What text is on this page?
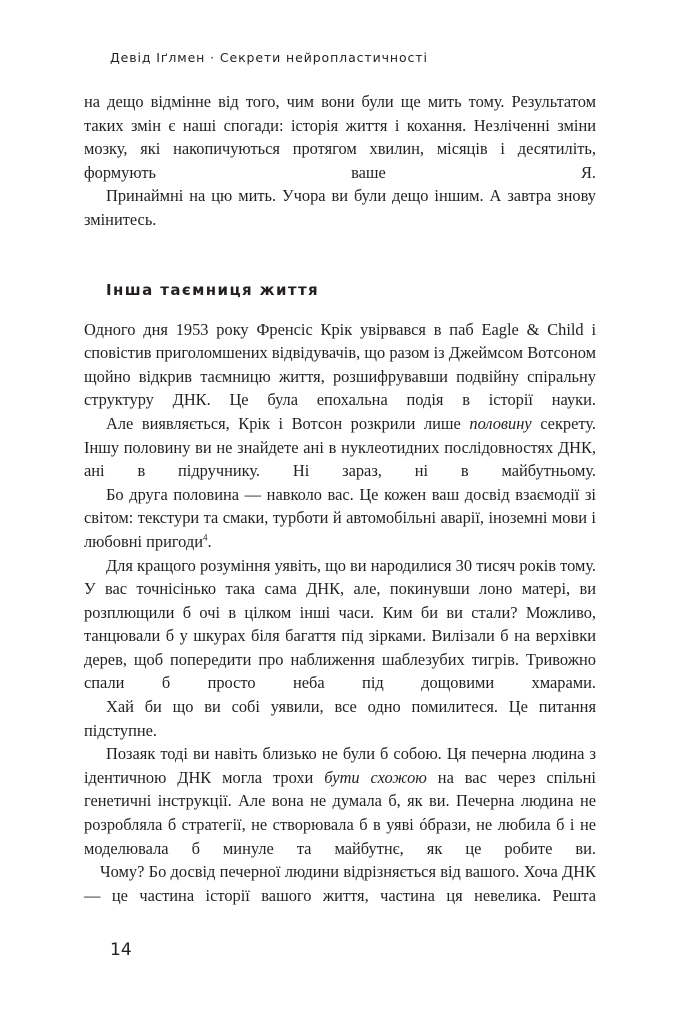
Девід Іґлмен · Секрети нейропластичності

на дещо відмінне від того, чим вони були ще мить тому. Результатом таких змін є наші спогади: історія життя і кохання. Незліченні зміни мозку, які накопичуються протягом хвилин, місяців і десятиліть, формують ваше Я.

Принаймні на цю мить. Учора ви були дещо іншим. А завтра знову змінитесь.

Інша таємниця життя

Одного дня 1953 року Френсіс Крік увірвався в паб Eagle & Child і сповістив приголомшених відвідувачів, що разом із Джеймсом Вотсоном щойно відкрив таємницю життя, розшифрувавши подвійну спіральну структуру ДНК. Це була епохальна подія в історії науки.

Але виявляється, Крік і Вотсон розкрили лише половину секрету. Іншу половину ви не знайдете ані в нуклеотидних послідовностях ДНК, ані в підручнику. Ні зараз, ні в майбутньому.

Бо друга половина — навколо вас. Це кожен ваш досвід взаємодії зі світом: текстури та смаки, турботи й автомобільні аварії, іноземні мови і любовні пригоди$^4$.

Для кращого розуміння уявіть, що ви народилися 30 тисяч років тому. У вас точнісінько така сама ДНК, але, покинувши лоно матері, ви розплющили б очі в цілком інші часи. Ким би ви стали? Можливо, танцювали б у шкурах біля багаття під зірками. Вилізали б на верхівки дерев, щоб попередити про наближення шаблезубих тигрів. Тривожно спали б просто неба під дощовими хмарами.

Хай би що ви собі уявили, все одно помилитеся. Це питання підступне.

Позаяк тоді ви навіть близько не були б собою. Ця печерна людина з ідентичною ДНК могла трохи бути схожою на вас через спільні генетичні інструкції. Але вона не думала б, як ви. Печерна людина не розробляла б стратегії, не створювала б в уяві óбрази, не любила б і не моделювала б минуле та майбутнє, як це робите ви.

Чому? Бо досвід печерної людини відрізняється від вашого. Хоча ДНК — це частина історії вашого життя, частина ця невелика. Решта

14
